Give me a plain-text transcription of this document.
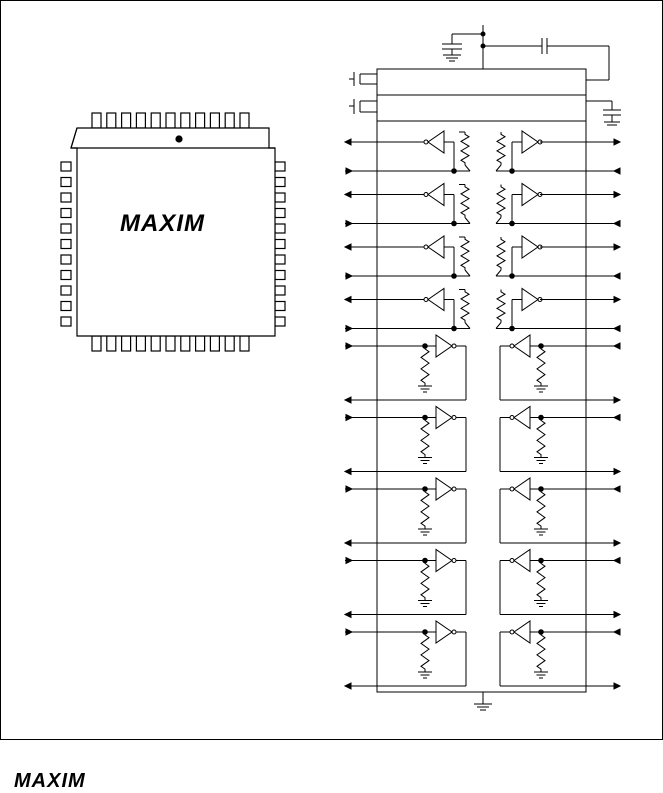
MAXIM
MAXIM
